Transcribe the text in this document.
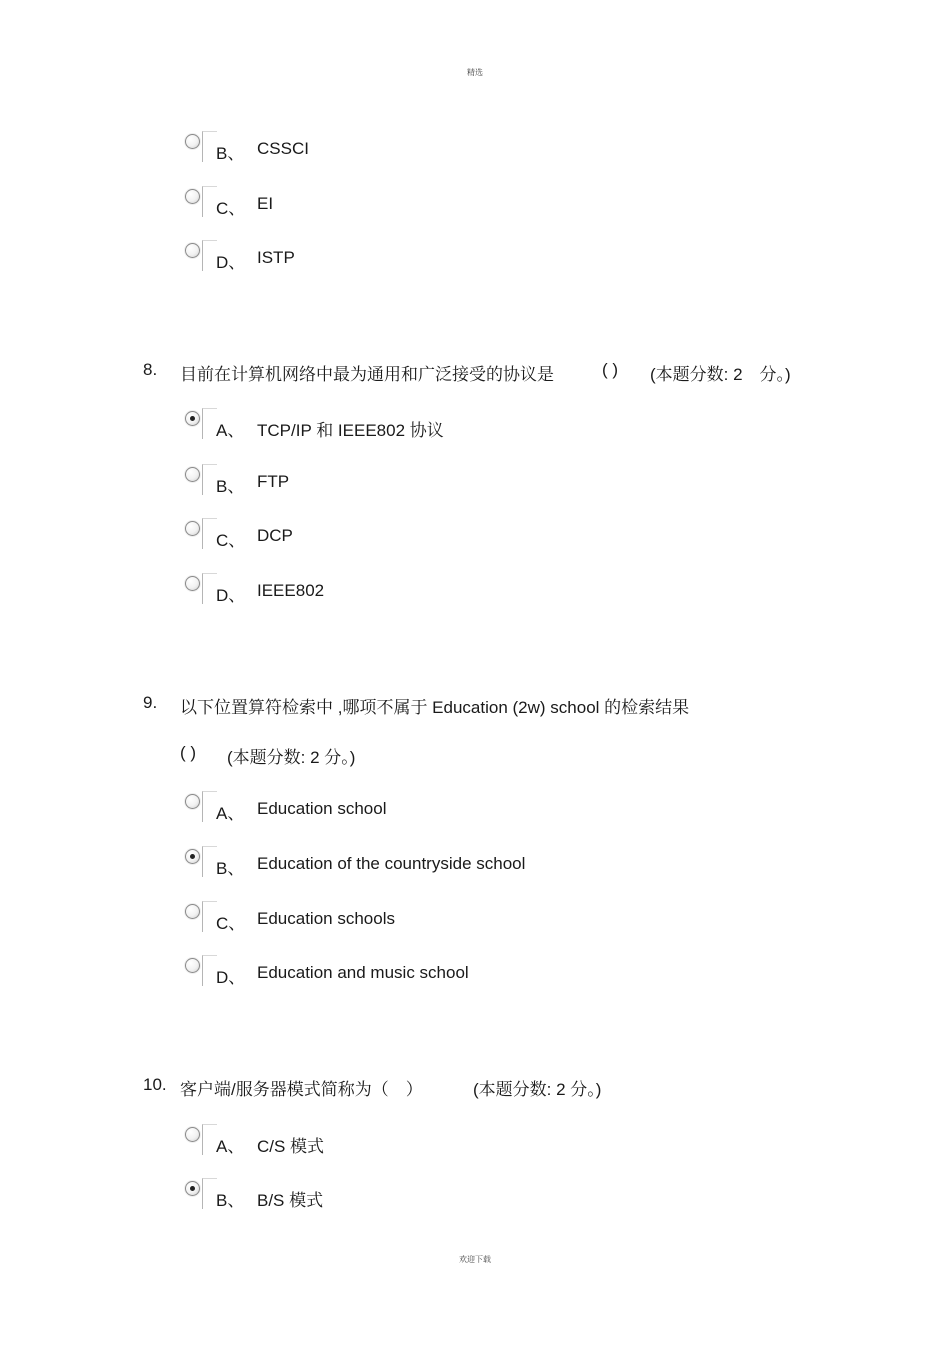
精选
B、 CSSCI
C、 EI
D、 ISTP
8. 目前在计算机网络中最为通用和广泛接受的协议是	( ) (本题分数: 2　分。)
A、 TCP/IP 和 IEEE802 协议
B、 FTP
C、 DCP
D、 IEEE802
9. 以下位置算符检索中 ,哪项不属于 Education (2w) school 的检索结果
( ) (本题分数: 2 分。)
A、 Education school
B、 Education of the countryside school
C、 Education schools
D、 Education and music school
10. 客户端/服务器模式简称为（　）	(本题分数: 2 分。)
A、 C/S 模式
B、 B/S 模式
欢迎下载
